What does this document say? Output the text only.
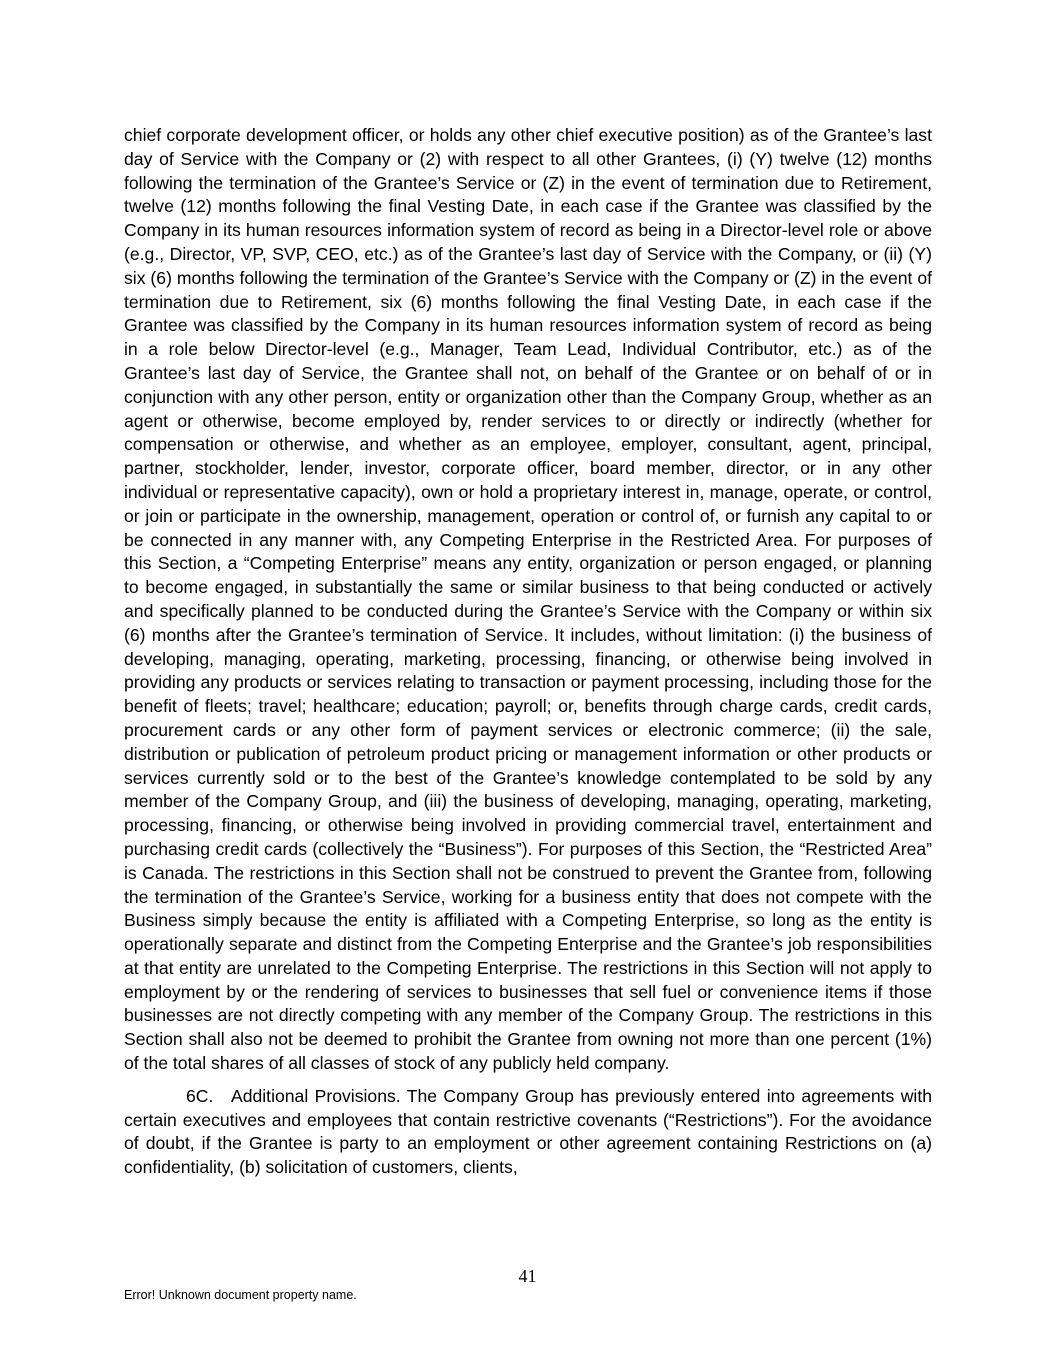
chief corporate development officer, or holds any other chief executive position) as of the Grantee’s last day of Service with the Company or (2) with respect to all other Grantees, (i) (Y) twelve (12) months following the termination of the Grantee’s Service or (Z) in the event of termination due to Retirement, twelve (12) months following the final Vesting Date, in each case if the Grantee was classified by the Company in its human resources information system of record as being in a Director-level role or above (e.g., Director, VP, SVP, CEO, etc.) as of the Grantee’s last day of Service with the Company, or (ii) (Y) six (6) months following the termination of the Grantee’s Service with the Company or (Z) in the event of termination due to Retirement, six (6) months following the final Vesting Date, in each case if the Grantee was classified by the Company in its human resources information system of record as being in a role below Director-level (e.g., Manager, Team Lead, Individual Contributor, etc.) as of the Grantee’s last day of Service, the Grantee shall not, on behalf of the Grantee or on behalf of or in conjunction with any other person, entity or organization other than the Company Group, whether as an agent or otherwise, become employed by, render services to or directly or indirectly (whether for compensation or otherwise, and whether as an employee, employer, consultant, agent, principal, partner, stockholder, lender, investor, corporate officer, board member, director, or in any other individual or representative capacity), own or hold a proprietary interest in, manage, operate, or control, or join or participate in the ownership, management, operation or control of, or furnish any capital to or be connected in any manner with, any Competing Enterprise in the Restricted Area. For purposes of this Section, a “Competing Enterprise” means any entity, organization or person engaged, or planning to become engaged, in substantially the same or similar business to that being conducted or actively and specifically planned to be conducted during the Grantee’s Service with the Company or within six (6) months after the Grantee’s termination of Service. It includes, without limitation: (i) the business of developing, managing, operating, marketing, processing, financing, or otherwise being involved in providing any products or services relating to transaction or payment processing, including those for the benefit of fleets; travel; healthcare; education; payroll; or, benefits through charge cards, credit cards, procurement cards or any other form of payment services or electronic commerce; (ii) the sale, distribution or publication of petroleum product pricing or management information or other products or services currently sold or to the best of the Grantee’s knowledge contemplated to be sold by any member of the Company Group, and (iii) the business of developing, managing, operating, marketing, processing, financing, or otherwise being involved in providing commercial travel, entertainment and purchasing credit cards (collectively the “Business”). For purposes of this Section, the “Restricted Area” is Canada. The restrictions in this Section shall not be construed to prevent the Grantee from, following the termination of the Grantee’s Service, working for a business entity that does not compete with the Business simply because the entity is affiliated with a Competing Enterprise, so long as the entity is operationally separate and distinct from the Competing Enterprise and the Grantee’s job responsibilities at that entity are unrelated to the Competing Enterprise. The restrictions in this Section will not apply to employment by or the rendering of services to businesses that sell fuel or convenience items if those businesses are not directly competing with any member of the Company Group. The restrictions in this Section shall also not be deemed to prohibit the Grantee from owning not more than one percent (1%) of the total shares of all classes of stock of any publicly held company.

6C. Additional Provisions. The Company Group has previously entered into agreements with certain executives and employees that contain restrictive covenants (“Restrictions”). For the avoidance of doubt, if the Grantee is party to an employment or other agreement containing Restrictions on (a) confidentiality, (b) solicitation of customers, clients,

41
Error! Unknown document property name.
